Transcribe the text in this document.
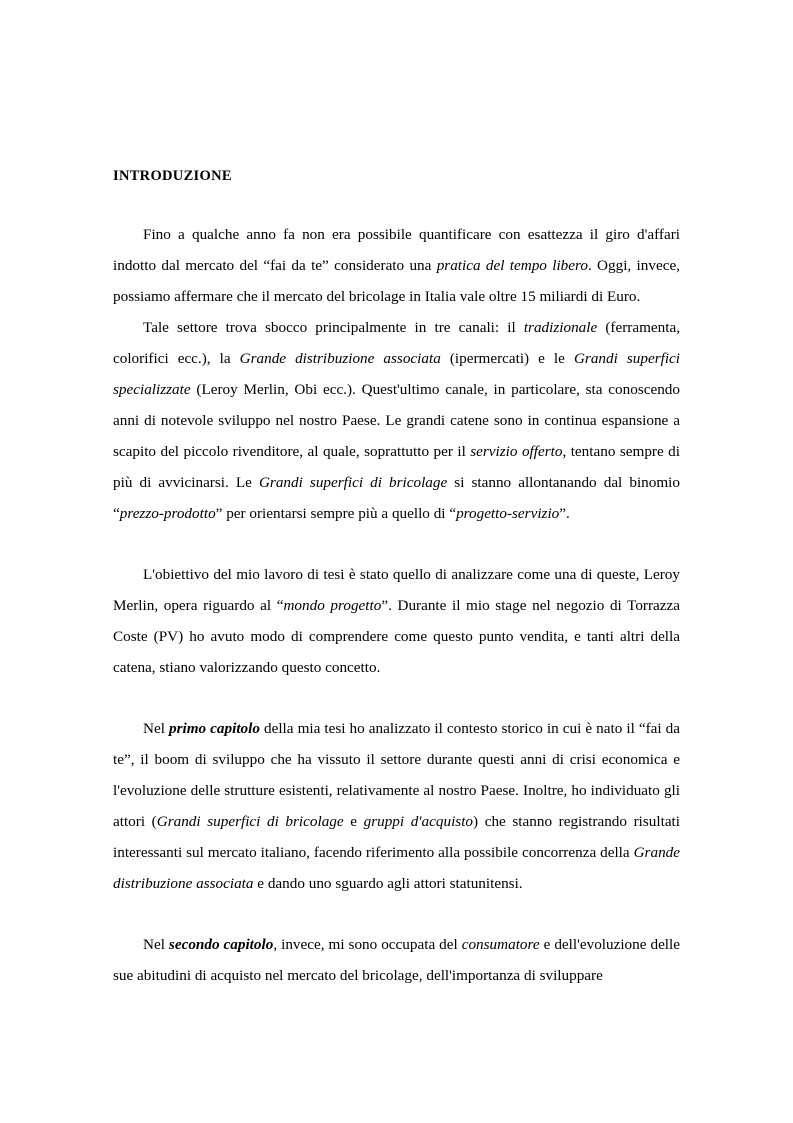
INTRODUZIONE

Fino a qualche anno fa non era possibile quantificare con esattezza il giro d'affari indotto dal mercato del “fai da te” considerato una pratica del tempo libero. Oggi, invece, possiamo affermare che il mercato del bricolage in Italia vale oltre 15 miliardi di Euro.

Tale settore trova sbocco principalmente in tre canali: il tradizionale (ferramenta, colorifici ecc.), la Grande distribuzione associata (ipermercati) e le Grandi superfici specializzate (Leroy Merlin, Obi ecc.). Quest'ultimo canale, in particolare, sta conoscendo anni di notevole sviluppo nel nostro Paese. Le grandi catene sono in continua espansione a scapito del piccolo rivenditore, al quale, soprattutto per il servizio offerto, tentano sempre di più di avvicinarsi. Le Grandi superfici di bricolage si stanno allontanando dal binomio “prezzo-prodotto” per orientarsi sempre più a quello di “progetto-servizio”.

L'obiettivo del mio lavoro di tesi è stato quello di analizzare come una di queste, Leroy Merlin, opera riguardo al “mondo progetto”. Durante il mio stage nel negozio di Torrazza Coste (PV) ho avuto modo di comprendere come questo punto vendita, e tanti altri della catena, stiano valorizzando questo concetto.

Nel primo capitolo della mia tesi ho analizzato il contesto storico in cui è nato il “fai da te”, il boom di sviluppo che ha vissuto il settore durante questi anni di crisi economica e l'evoluzione delle strutture esistenti, relativamente al nostro Paese. Inoltre, ho individuato gli attori (Grandi superfici di bricolage e gruppi d'acquisto) che stanno registrando risultati interessanti sul mercato italiano, facendo riferimento alla possibile concorrenza della Grande distribuzione associata e dando uno sguardo agli attori statunitensi.

Nel secondo capitolo, invece, mi sono occupata del consumatore e dell'evoluzione delle sue abitudini di acquisto nel mercato del bricolage, dell'importanza di sviluppare
